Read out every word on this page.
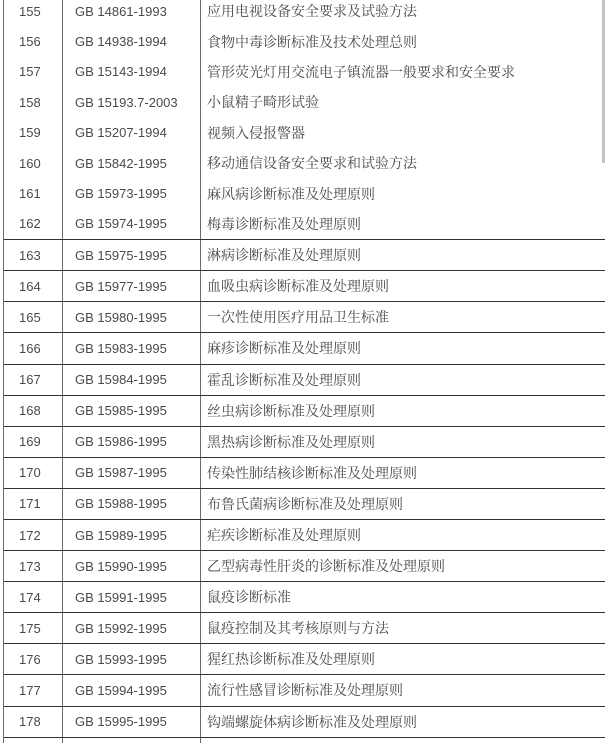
155	GB 14861-1993	应用电视设备安全要求及试验方法
156	GB 14938-1994	食物中毒诊断标准及技术处理总则
157	GB 15143-1994	管形荧光灯用交流电子镇流器一般要求和安全要求
158	GB 15193.7-2003	小鼠精子畸形试验
159	GB 15207-1994	视频入侵报警器
160	GB 15842-1995	移动通信设备安全要求和试验方法
161	GB 15973-1995	麻风病诊断标准及处理原则
162	GB 15974-1995	梅毒诊断标准及处理原则
163	GB 15975-1995	淋病诊断标准及处理原则
164	GB 15977-1995	血吸虫病诊断标准及处理原则
165	GB 15980-1995	一次性使用医疗用品卫生标准
166	GB 15983-1995	麻疹诊断标准及处理原则
167	GB 15984-1995	霍乱诊断标准及处理原则
168	GB 15985-1995	丝虫病诊断标准及处理原则
169	GB 15986-1995	黑热病诊断标准及处理原则
170	GB 15987-1995	传染性肺结核诊断标准及处理原则
171	GB 15988-1995	布鲁氏菌病诊断标准及处理原则
172	GB 15989-1995	疟疾诊断标准及处理原则
173	GB 15990-1995	乙型病毒性肝炎的诊断标准及处理原则
174	GB 15991-1995	鼠疫诊断标准
175	GB 15992-1995	鼠疫控制及其考核原则与方法
176	GB 15993-1995	猩红热诊断标准及处理原则
177	GB 15994-1995	流行性感冒诊断标准及处理原则
178	GB 15995-1995	钩端螺旋体病诊断标准及处理原则
